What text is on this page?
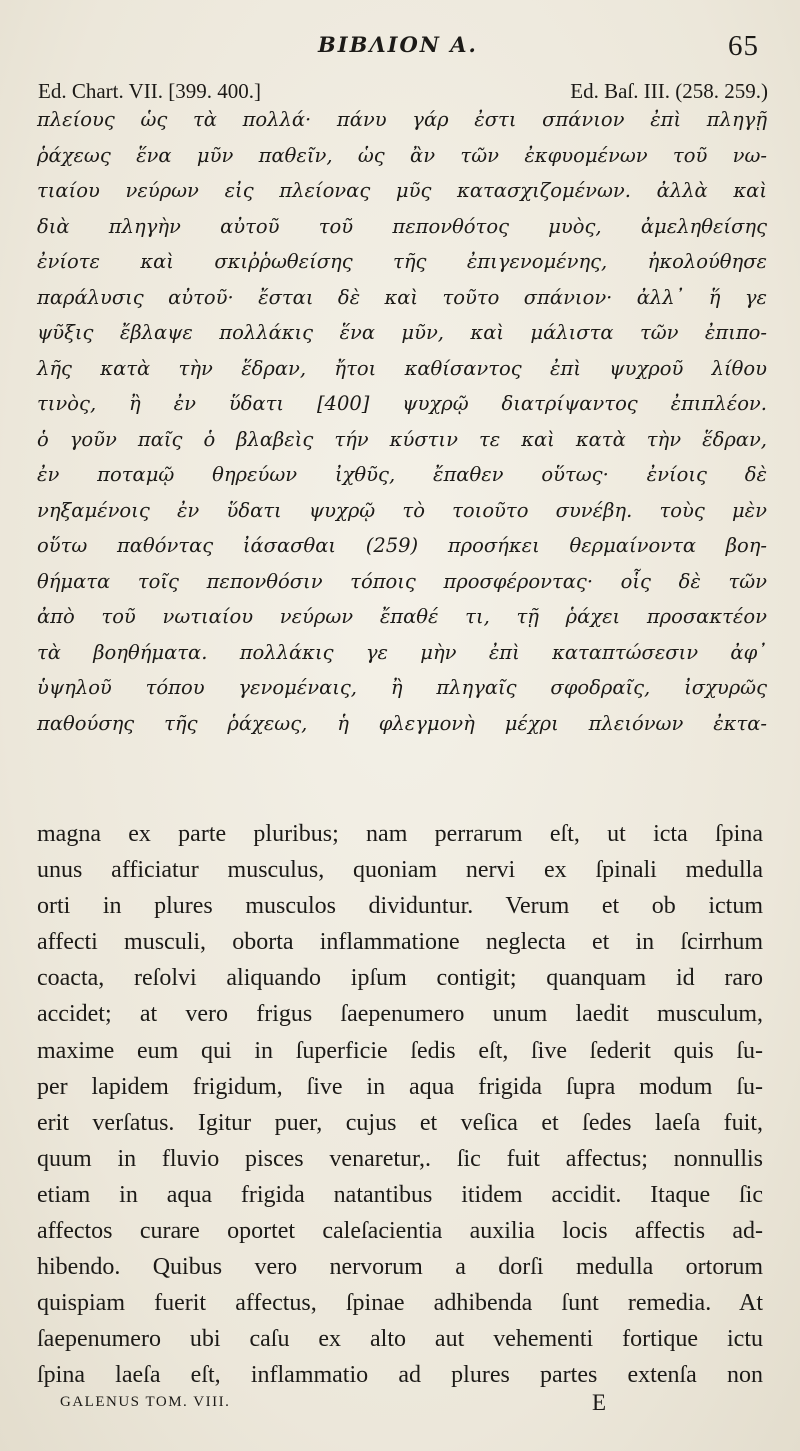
BIBΛΙΟΝ Α.	65
Ed. Chart. VII. [399. 400.]	Ed. Baſ. III. (258. 259.)
πλείους ὡς τὰ πολλά· πάνυ γάρ ἐστι σπάνιον ἐπὶ πληγῇ
ῥάχεως ἕνα μῦν παθεῖν, ὡς ἂν τῶν ἐκφυομένων τοῦ νω-
τιαίου νεύρων εἰς πλείονας μῦς κατασχιζομένων. ἀλλὰ καὶ
διὰ πληγὴν αὐτοῦ τοῦ πεπονθότος μυὸς, ἀμεληθείσης
ἐνίοτε καὶ σκιῤῥωθείσης τῆς ἐπιγενομένης, ἠκολούθησε
παράλυσις αὐτοῦ· ἔσται δὲ καὶ τοῦτο σπάνιον· ἀλλ᾽ ἥ γε
ψῦξις ἔβλαψε πολλάκις ἕνα μῦν, καὶ μάλιστα τῶν ἐπιπο-
λῆς κατὰ τὴν ἕδραν, ἤτοι καθίσαντος ἐπὶ ψυχροῦ λίθου
τινὸς, ἢ ἐν ὕδατι [400] ψυχρῷ διατρίψαντος ἐπιπλέον.
ὁ γοῦν παῖς ὁ βλαβεὶς τήν κύστιν τε καὶ κατὰ τὴν ἕδραν,
ἐν ποταμῷ θηρεύων ἰχθῦς, ἔπαθεν οὕτως· ἐνίοις δὲ
νηξαμένοις ἐν ὕδατι ψυχρῷ τὸ τοιοῦτο συνέβη. τοὺς μὲν
οὕτω παθόντας ἰάσασθαι (259) προσήκει θερμαίνοντα βοη-
θήματα τοῖς πεπονθόσιν τόποις προσφέροντας· οἷς δὲ τῶν
ἀπὸ τοῦ νωτιαίου νεύρων ἔπαθέ τι, τῇ ῥάχει προσακτέον
τὰ βοηθήματα. πολλάκις γε μὴν ἐπὶ καταπτώσεσιν ἀφ᾽
ὑψηλοῦ τόπου γενομέναις, ἢ πληγαῖς σφοδραῖς, ἰσχυρῶς
παθούσης τῆς ῥάχεως, ἡ φλεγμονὴ μέχρι πλειόνων ἐκτα-
magna ex parte pluribus; nam perrarum eſt, ut icta ſpina
unus afficiatur musculus, quoniam nervi ex ſpinali medulla
orti in plures musculos dividuntur. Verum et ob ictum
affecti musculi, oborta inflammatione neglecta et in ſcirrhum
coacta, reſolvi aliquando ipſum contigit; quanquam id raro
accidet; at vero frigus ſaepenumero unum laedit musculum,
maxime eum qui in ſuperficie ſedis eſt, ſive ſederit quis ſu-
per lapidem frigidum, ſive in aqua frigida ſupra modum ſu-
erit verſatus. Igitur puer, cujus et veſica et ſedes laeſa fuit,
quum in fluvio pisces venaretur,. ſic fuit affectus; nonnullis
etiam in aqua frigida natantibus itidem accidit. Itaque ſic
affectos curare oportet caleſacientia auxilia locis affectis ad-
hibendo. Quibus vero nervorum a dorſi medulla ortorum
quispiam fuerit affectus, ſpinae adhibenda ſunt remedia. At
ſaepenumero ubi caſu ex alto aut vehementi fortique ictu
ſpina laeſa eſt, inflammatio ad plures partes extenſa non
GALENUS TOM. VIII.	E
